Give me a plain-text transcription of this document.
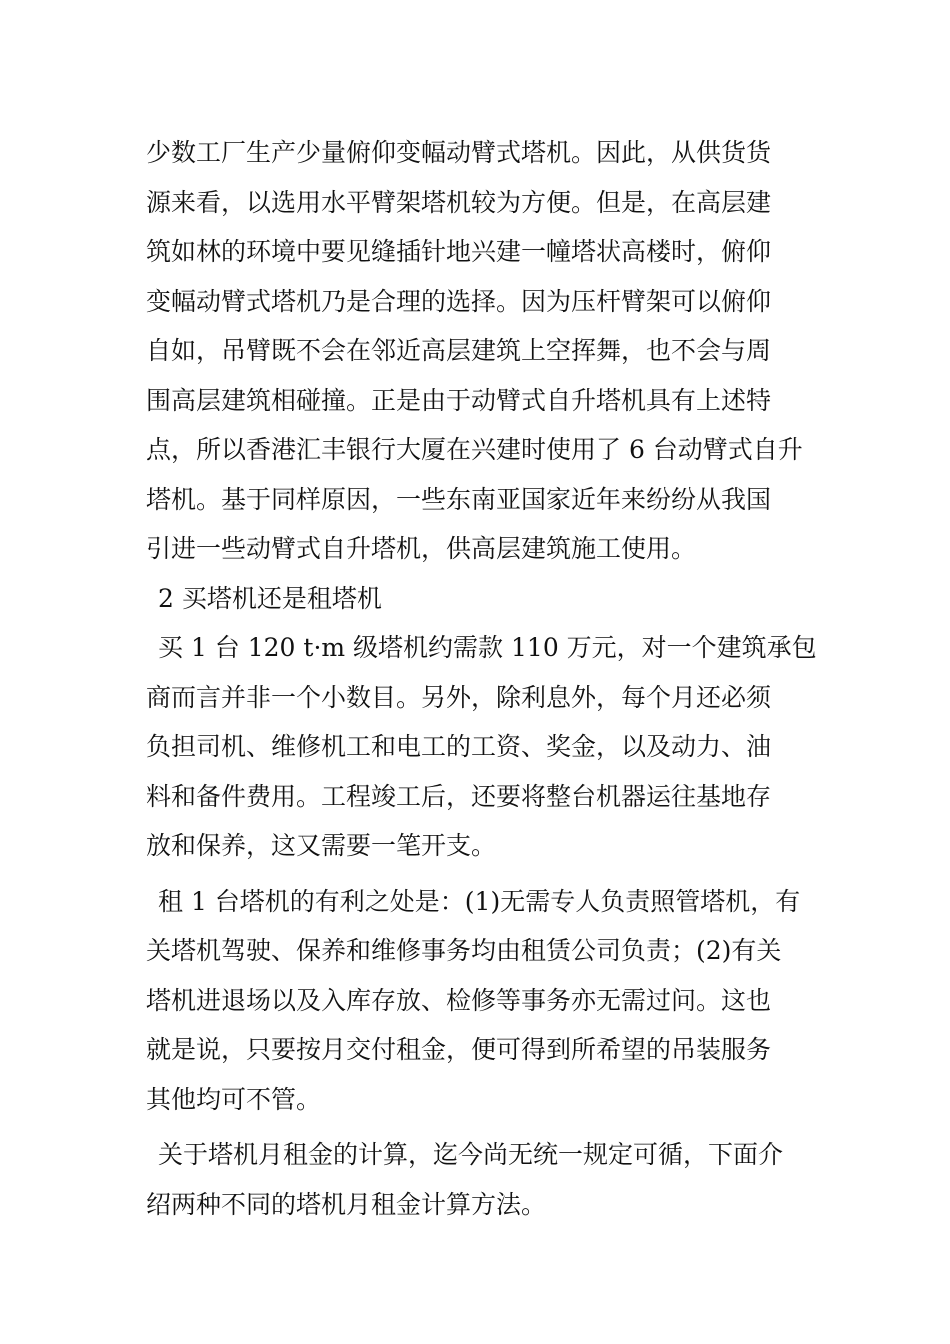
少数工厂生产少量俯仰变幅动臂式塔机。因此，从供货货
源来看，以选用水平臂架塔机较为方便。但是，在高层建
筑如林的环境中要见缝插针地兴建一幢塔状高楼时，俯仰
变幅动臂式塔机乃是合理的选择。因为压杆臂架可以俯仰
自如，吊臂既不会在邻近高层建筑上空挥舞，也不会与周
围高层建筑相碰撞。正是由于动臂式自升塔机具有上述特
点，所以香港汇丰银行大厦在兴建时使用了 6 台动臂式自升
塔机。基于同样原因，一些东南亚国家近年来纷纷从我国
引进一些动臂式自升塔机，供高层建筑施工使用。
2 买塔机还是租塔机
买 1 台 120 t·m 级塔机约需款 110 万元，对一个建筑承包
商而言并非一个小数目。另外，除利息外，每个月还必须
负担司机、维修机工和电工的工资、奖金，以及动力、油
料和备件费用。工程竣工后，还要将整台机器运往基地存
放和保养，这又需要一笔开支。
租 1 台塔机的有利之处是：(1)无需专人负责照管塔机，有
关塔机驾驶、保养和维修事务均由租赁公司负责；(2)有关
塔机进退场以及入库存放、检修等事务亦无需过问。这也
就是说，只要按月交付租金，便可得到所希望的吊装服务
其他均可不管。
关于塔机月租金的计算，迄今尚无统一规定可循，下面介
绍两种不同的塔机月租金计算方法。
